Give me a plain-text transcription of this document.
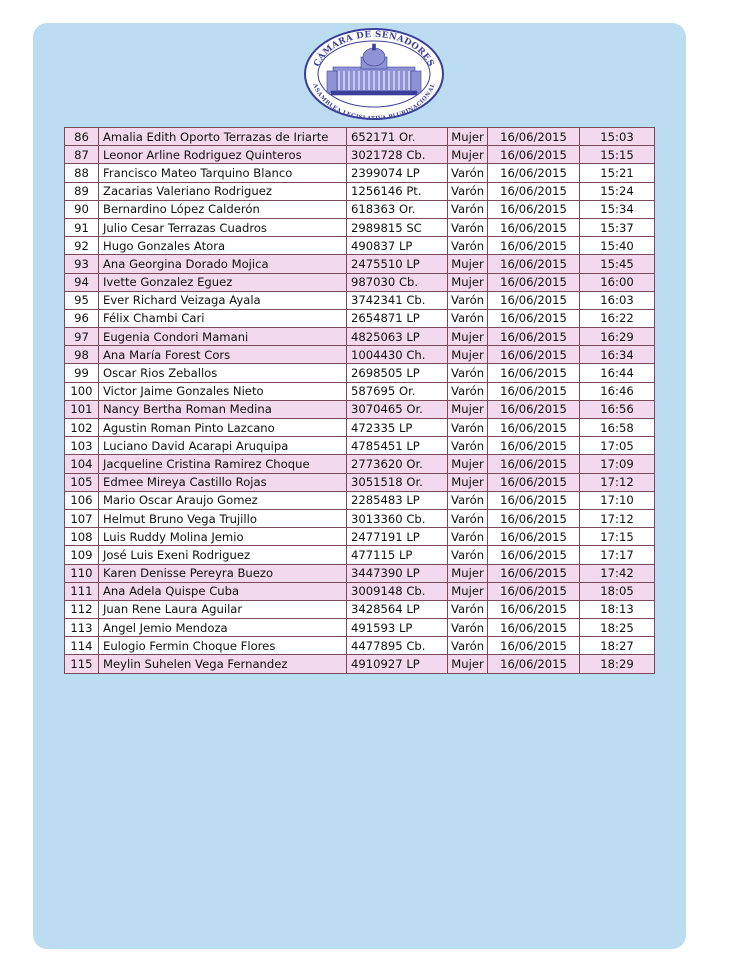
CÁMARA DE SENADORES
ASAMBLEA LEGISLATIVA PLURINACIONAL
86	Amalia Edith Oporto Terrazas de Iriarte	652171 Or.	Mujer	16/06/2015	15:03
87	Leonor Arline Rodriguez Quinteros	3021728 Cb.	Mujer	16/06/2015	15:15
88	Francisco Mateo Tarquino Blanco	2399074 LP	Varón	16/06/2015	15:21
89	Zacarias Valeriano Rodriguez	1256146 Pt.	Varón	16/06/2015	15:24
90	Bernardino López Calderón	618363 Or.	Varón	16/06/2015	15:34
91	Julio Cesar Terrazas Cuadros	2989815 SC	Varón	16/06/2015	15:37
92	Hugo Gonzales Atora	490837 LP	Varón	16/06/2015	15:40
93	Ana Georgina Dorado Mojica	2475510 LP	Mujer	16/06/2015	15:45
94	Ivette Gonzalez Eguez	987030 Cb.	Mujer	16/06/2015	16:00
95	Ever Richard Veizaga Ayala	3742341 Cb.	Varón	16/06/2015	16:03
96	Félix Chambi Cari	2654871 LP	Varón	16/06/2015	16:22
97	Eugenia Condori Mamani	4825063 LP	Mujer	16/06/2015	16:29
98	Ana María Forest Cors	1004430 Ch.	Mujer	16/06/2015	16:34
99	Oscar Rios Zeballos	2698505 LP	Varón	16/06/2015	16:44
100	Victor Jaime Gonzales Nieto	587695 Or.	Varón	16/06/2015	16:46
101	Nancy Bertha Roman Medina	3070465 Or.	Mujer	16/06/2015	16:56
102	Agustin Roman Pinto Lazcano	472335 LP	Varón	16/06/2015	16:58
103	Luciano David Acarapi Aruquipa	4785451 LP	Varón	16/06/2015	17:05
104	Jacqueline Cristina Ramirez Choque	2773620 Or.	Mujer	16/06/2015	17:09
105	Edmee Mireya Castillo Rojas	3051518 Or.	Mujer	16/06/2015	17:12
106	Mario Oscar Araujo Gomez	2285483 LP	Varón	16/06/2015	17:10
107	Helmut Bruno Vega Trujillo	3013360 Cb.	Varón	16/06/2015	17:12
108	Luis Ruddy Molina Jemio	2477191 LP	Varón	16/06/2015	17:15
109	José Luis Exeni Rodriguez	477115 LP	Varón	16/06/2015	17:17
110	Karen Denisse Pereyra Buezo	3447390 LP	Mujer	16/06/2015	17:42
111	Ana Adela Quispe Cuba	3009148 Cb.	Mujer	16/06/2015	18:05
112	Juan Rene Laura Aguilar	3428564 LP	Varón	16/06/2015	18:13
113	Angel Jemio Mendoza	491593 LP	Varón	16/06/2015	18:25
114	Eulogio Fermin Choque Flores	4477895 Cb.	Varón	16/06/2015	18:27
115	Meylin Suhelen Vega Fernandez	4910927 LP	Mujer	16/06/2015	18:29
